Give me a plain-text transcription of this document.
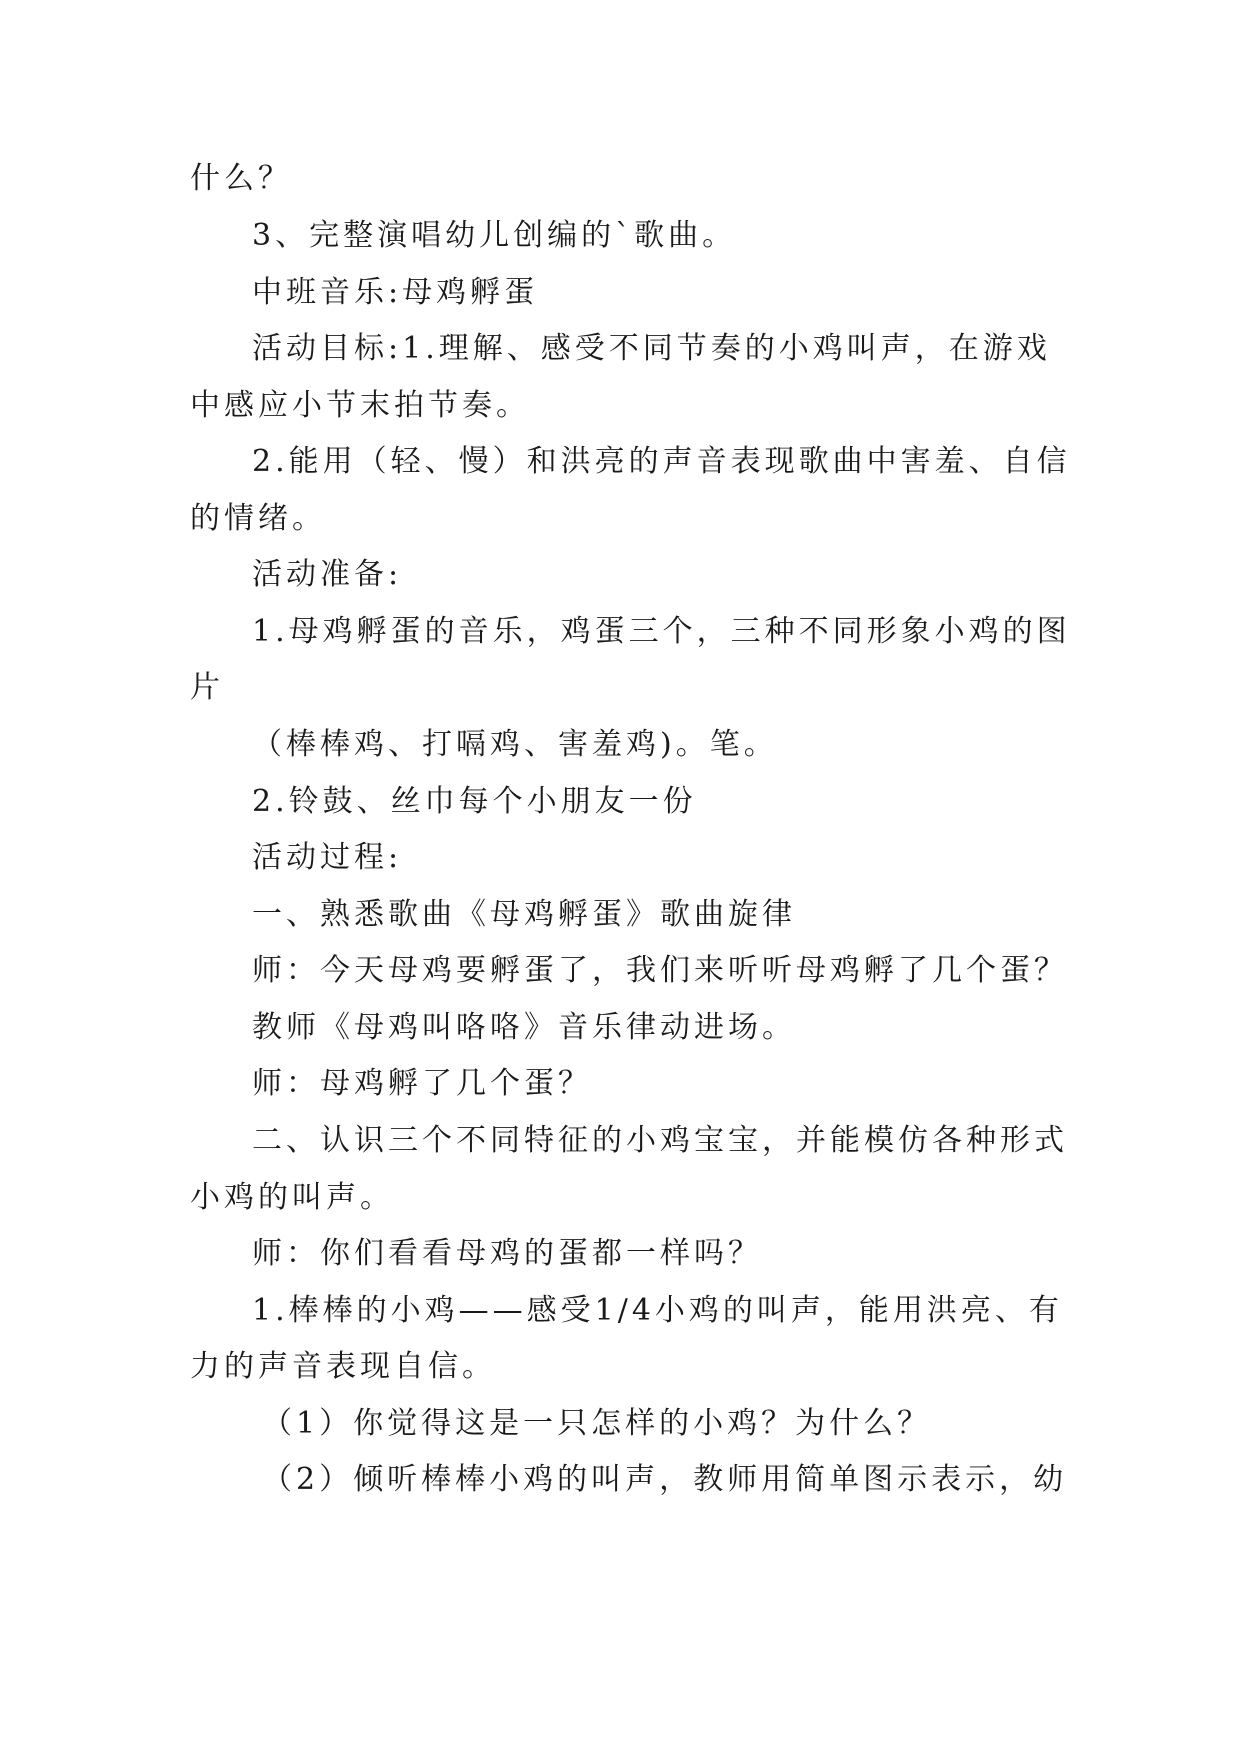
什么？
3、完整演唱幼儿创编的`歌曲。
中班音乐:母鸡孵蛋
活动目标:1.理解、感受不同节奏的小鸡叫声，在游戏
中感应小节末拍节奏。
2.能用（轻、慢）和洪亮的声音表现歌曲中害羞、自信
的情绪。
活动准备:
1.母鸡孵蛋的音乐，鸡蛋三个，三种不同形象小鸡的图
片
（棒棒鸡、打嗝鸡、害羞鸡)。笔。
2.铃鼓、丝巾每个小朋友一份
活动过程:
一、熟悉歌曲《母鸡孵蛋》歌曲旋律
师：今天母鸡要孵蛋了，我们来听听母鸡孵了几个蛋？
教师《母鸡叫咯咯》音乐律动进场。
师：母鸡孵了几个蛋？
二、认识三个不同特征的小鸡宝宝，并能模仿各种形式
小鸡的叫声。
师：你们看看母鸡的蛋都一样吗？
1.棒棒的小鸡——感受1/4小鸡的叫声，能用洪亮、有
力的声音表现自信。
（1）你觉得这是一只怎样的小鸡？为什么？
（2）倾听棒棒小鸡的叫声，教师用简单图示表示，幼
